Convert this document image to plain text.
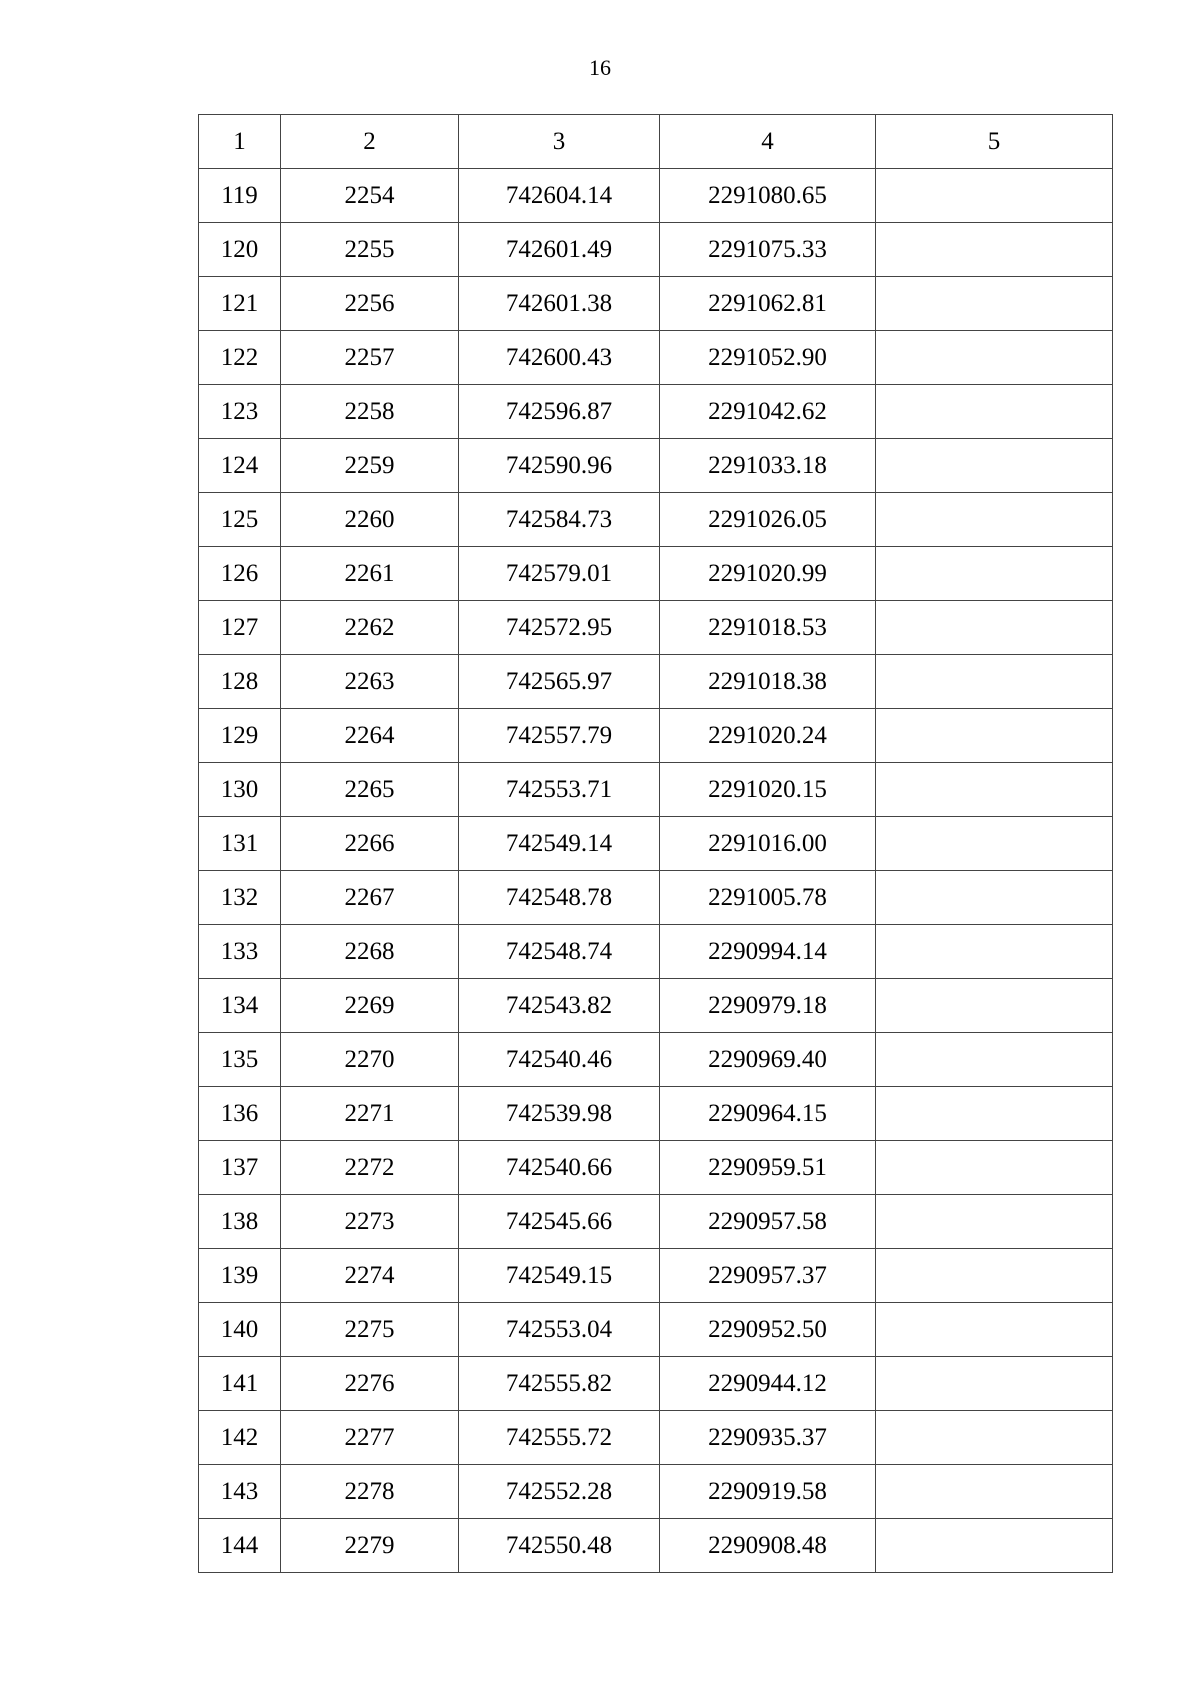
16
1	2	3	4	5
119	2254	742604.14	2291080.65	
120	2255	742601.49	2291075.33	
121	2256	742601.38	2291062.81	
122	2257	742600.43	2291052.90	
123	2258	742596.87	2291042.62	
124	2259	742590.96	2291033.18	
125	2260	742584.73	2291026.05	
126	2261	742579.01	2291020.99	
127	2262	742572.95	2291018.53	
128	2263	742565.97	2291018.38	
129	2264	742557.79	2291020.24	
130	2265	742553.71	2291020.15	
131	2266	742549.14	2291016.00	
132	2267	742548.78	2291005.78	
133	2268	742548.74	2290994.14	
134	2269	742543.82	2290979.18	
135	2270	742540.46	2290969.40	
136	2271	742539.98	2290964.15	
137	2272	742540.66	2290959.51	
138	2273	742545.66	2290957.58	
139	2274	742549.15	2290957.37	
140	2275	742553.04	2290952.50	
141	2276	742555.82	2290944.12	
142	2277	742555.72	2290935.37	
143	2278	742552.28	2290919.58	
144	2279	742550.48	2290908.48	
